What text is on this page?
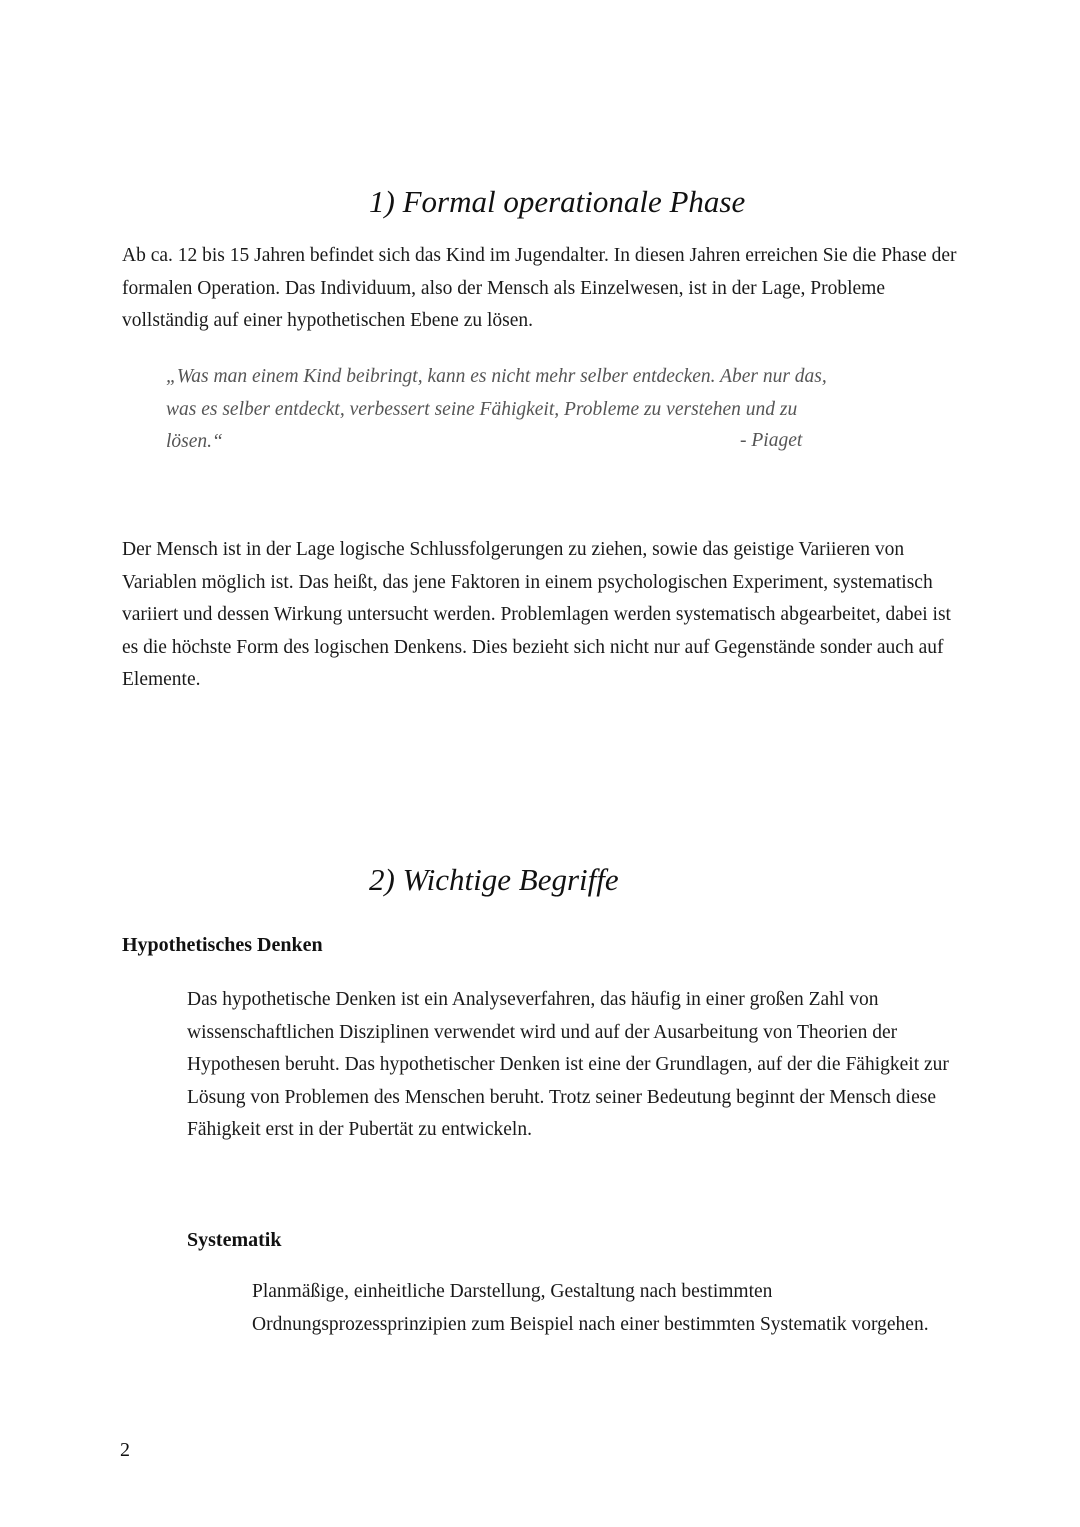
1) Formal operationale Phase

Ab ca. 12 bis 15 Jahren befindet sich das Kind im Jugendalter. In diesen Jahren erreichen Sie die Phase der formalen Operation. Das Individuum, also der Mensch als Einzelwesen, ist in der Lage, Probleme vollständig auf einer hypothetischen Ebene zu lösen.

„Was man einem Kind beibringt, kann es nicht mehr selber entdecken. Aber nur das,
was es selber entdeckt, verbessert seine Fähigkeit, Probleme zu verstehen und zu
lösen.“	- Piaget

Der Mensch ist in der Lage logische Schlussfolgerungen zu ziehen, sowie das geistige Variieren von Variablen möglich ist. Das heißt, das jene Faktoren in einem psychologischen Experiment, systematisch variiert und dessen Wirkung untersucht werden. Problemlagen werden systematisch abgearbeitet, dabei ist es die höchste Form des logischen Denkens. Dies bezieht sich nicht nur auf Gegenstände sonder auch auf Elemente.

2) Wichtige Begriffe
Hypothetisches Denken

Das hypothetische Denken ist ein Analyseverfahren, das häufig in einer großen Zahl von wissenschaftlichen Disziplinen verwendet wird und auf der Ausarbeitung von Theorien der Hypothesen beruht. Das hypothetischer Denken ist eine der Grundlagen, auf der die Fähigkeit zur Lösung von Problemen des Menschen beruht. Trotz seiner Bedeutung beginnt der Mensch diese Fähigkeit erst in der Pubertät zu entwickeln.

Systematik

Planmäßige, einheitliche Darstellung, Gestaltung nach bestimmten Ordnungsprozessprinzipien zum Beispiel nach einer bestimmten Systematik vorgehen.

2
